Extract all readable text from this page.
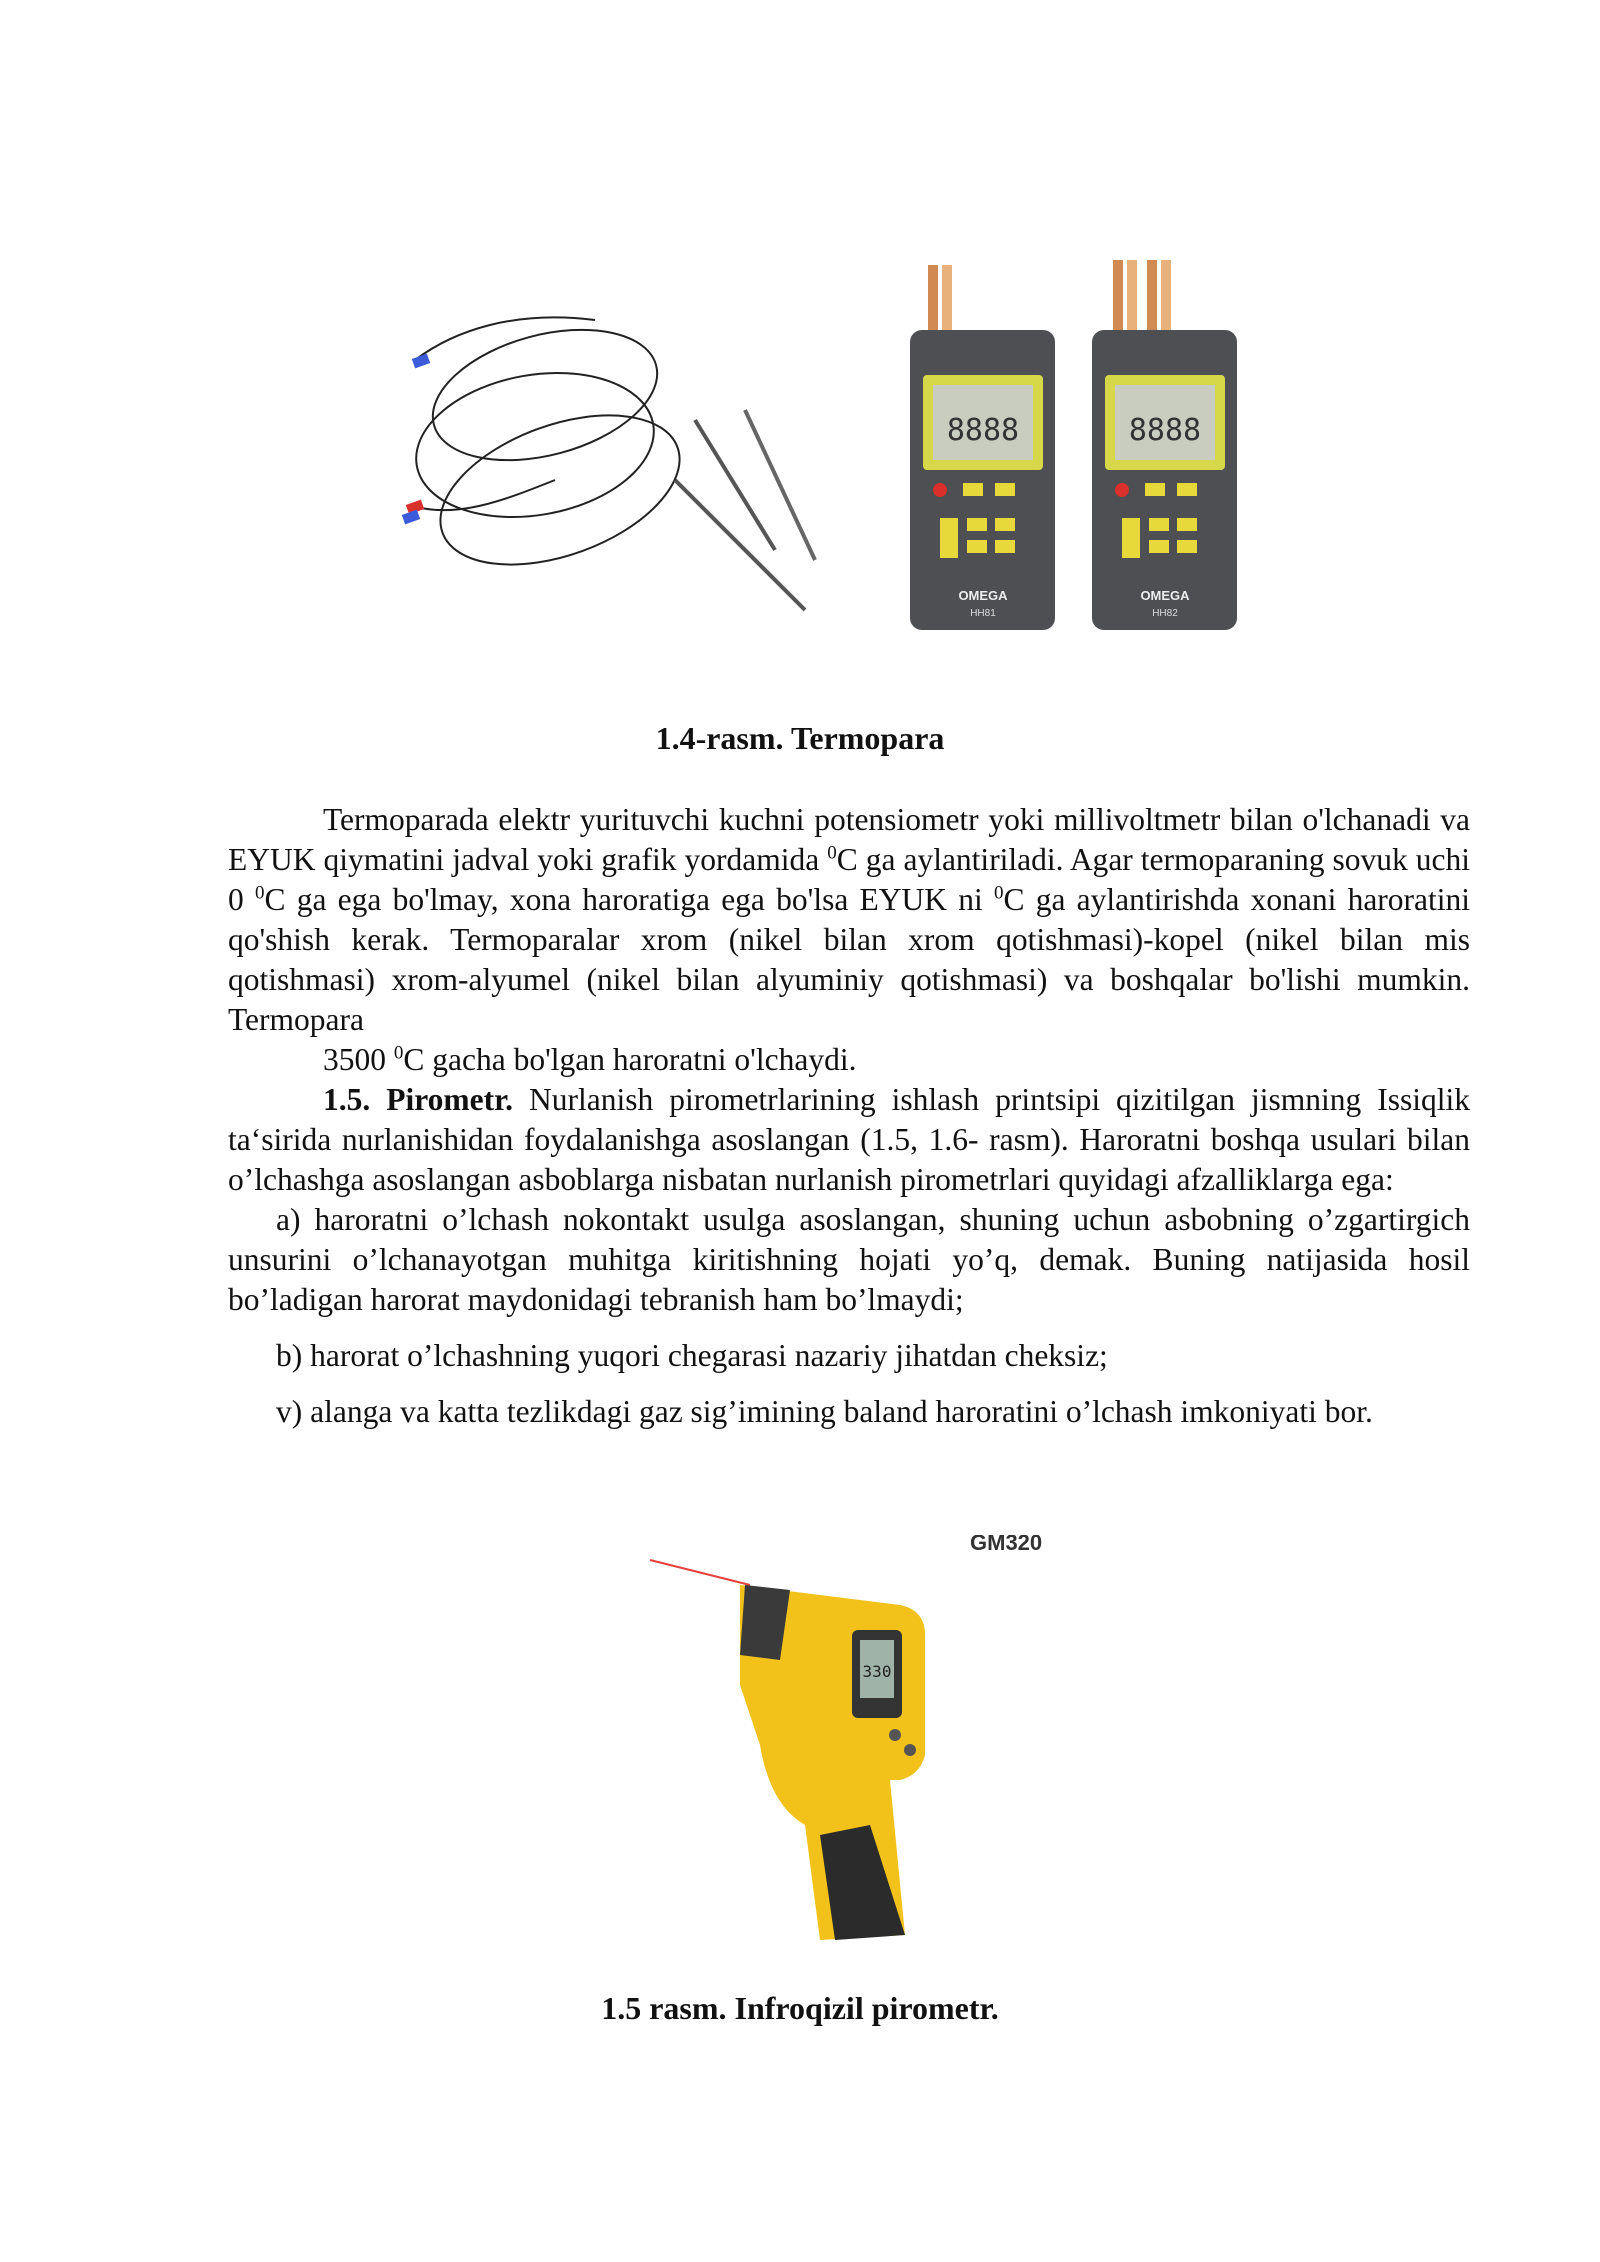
8888
OMEGA
HH81
8888
OMEGA
HH82
1.4-rasm. Termopara

Termoparada elektr yurituvchi kuchni potensiometr yoki millivoltmetr bilan o'lchanadi va EYUK qiymatini jadval yoki grafik yordamida $^0$C ga aylantiriladi. Agar termoparaning sovuk uchi 0 $^0$C ga ega bo'lmay, xona haroratiga ega bo'lsa EYUK ni $^0$C ga aylantirishda xonani haroratini qo'shish kerak. Termoparalar xrom (nikel bilan xrom qotishmasi)-kopel (nikel bilan mis qotishmasi) xrom-alyumel (nikel bilan alyuminiy qotishmasi) va boshqalar bo'lishi mumkin. Termopara

3500 $^0$C gacha bo'lgan haroratni o'lchaydi.

1.5. Pirometr. Nurlanish pirometrlarining ishlash printsipi qizitilgan jismning Issiqlik ta‘sirida nurlanishidan foydalanishga asoslangan (1.5, 1.6- rasm). Haroratni boshqa usulari bilan o’lchashga asoslangan asboblarga nisbatan nurlanish pirometrlari quyidagi afzalliklarga ega:

a) haroratni o’lchash nokontakt usulga asoslangan, shuning uchun asbobning o’zgartirgich unsurini o’lchanayotgan muhitga kiritishning hojati yo’q, demak. Buning natijasida hosil bo’ladigan harorat maydonidagi tebranish ham bo’lmaydi;

b) harorat o’lchashning yuqori chegarasi nazariy jihatdan cheksiz;

v) alanga va katta tezlikdagi gaz sig’imining baland haroratini o’lchash imkoniyati bor.

GM320
330
1.5 rasm. Infroqizil pirometr.
